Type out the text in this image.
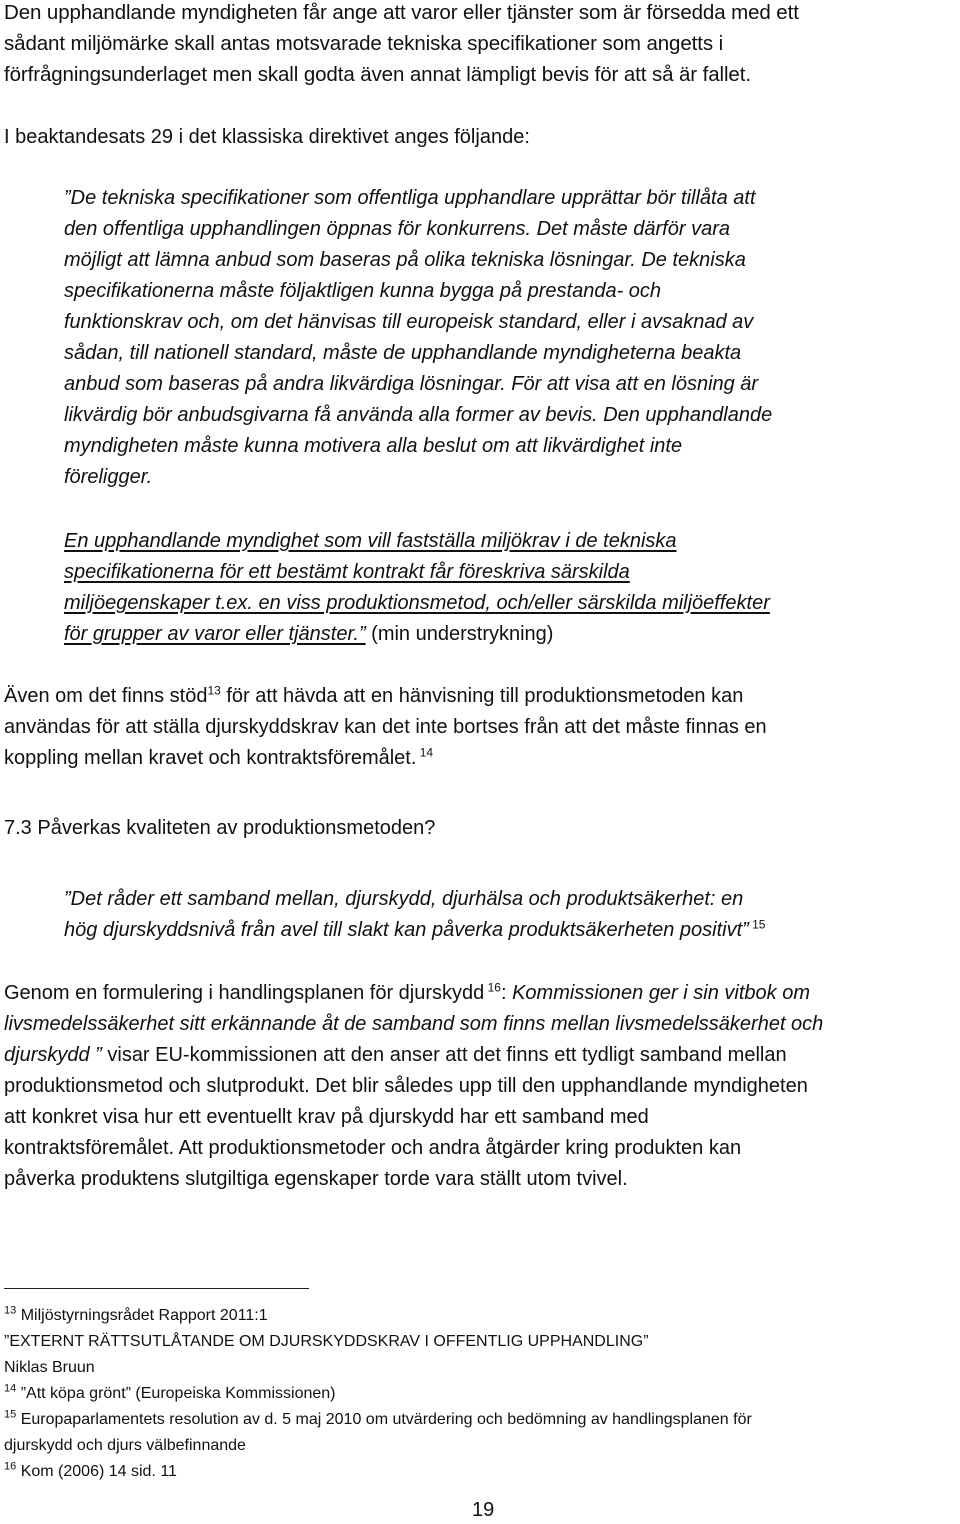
Den upphandlande myndigheten får ange att varor eller tjänster som är försedda med ett
sådant miljömärke skall antas motsvarade tekniska specifikationer som angetts i
förfrågningsunderlaget men skall godta även annat lämpligt bevis för att så är fallet.
I beaktandesats 29 i det klassiska direktivet anges följande:
”De tekniska specifikationer som offentliga upphandlare upprättar bör tillåta att
den offentliga upphandlingen öppnas för konkurrens. Det måste därför vara
möjligt att lämna anbud som baseras på olika tekniska lösningar. De tekniska
specifikationerna måste följaktligen kunna bygga på prestanda- och
funktionskrav och, om det hänvisas till europeisk standard, eller i avsaknad av
sådan, till nationell standard, måste de upphandlande myndigheterna beakta
anbud som baseras på andra likvärdiga lösningar. För att visa att en lösning är
likvärdig bör anbudsgivarna få använda alla former av bevis. Den upphandlande
myndigheten måste kunna motivera alla beslut om att likvärdighet inte
föreligger.
En upphandlande myndighet som vill fastställa miljökrav i de tekniska
specifikationerna för ett bestämt kontrakt får föreskriva särskilda
miljöegenskaper t.ex. en viss produktionsmetod, och/eller särskilda miljöeffekter
för grupper av varor eller tjänster.” (min understrykning)
Även om det finns stöd$^{13}$ för att hävda att en hänvisning till produktionsmetoden kan
användas för att ställa djurskyddskrav kan det inte bortses från att det måste finnas en
koppling mellan kravet och kontraktsföremålet. $^{14}$
7.3 Påverkas kvaliteten av produktionsmetoden?
”Det råder ett samband mellan, djurskydd, djurhälsa och produktsäkerhet: en
hög djurskyddsnivå från avel till slakt kan påverka produktsäkerheten positivt” $^{15}$
Genom en formulering i handlingsplanen för djurskydd $^{16}$: Kommissionen ger i sin vitbok om
livsmedelssäkerhet sitt erkännande åt de samband som finns mellan livsmedelssäkerhet och
djurskydd ” visar EU-kommissionen att den anser att det finns ett tydligt samband mellan
produktionsmetod och slutprodukt. Det blir således upp till den upphandlande myndigheten
att konkret visa hur ett eventuellt krav på djurskydd har ett samband med
kontraktsföremålet. Att produktionsmetoder och andra åtgärder kring produkten kan
påverka produktens slutgiltiga egenskaper torde vara ställt utom tvivel.
$^{13}$ Miljöstyrningsrådet Rapport 2011:1
”EXTERNT RÄTTSUTLÅTANDE OM DJURSKYDDSKRAV I OFFENTLIG UPPHANDLING”
Niklas Bruun
$^{14}$ ”Att köpa grönt” (Europeiska Kommissionen)
$^{15}$ Europaparlamentets resolution av d. 5 maj 2010 om utvärdering och bedömning av handlingsplanen för
djurskydd och djurs välbefinnande
$^{16}$ Kom (2006) 14 sid. 11
19
